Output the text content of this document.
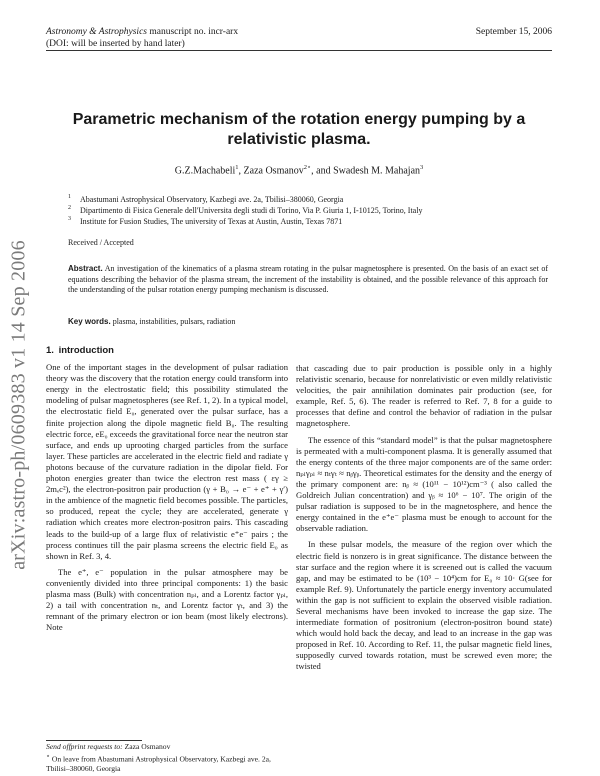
Astronomy & Astrophysics manuscript no. incr-arx
(DOI: will be inserted by hand later)
September 15, 2006
arXiv:astro-ph/0609383 v1 14 Sep 2006
Parametric mechanism of the rotation energy pumping by a
relativistic plasma.
G.Z.Machabeli$^1$, Zaza Osmanov$^{2⋆}$, and Swadesh M. Mahajan$^3$
1 Abastumani Astrophysical Observatory, Kazbegi ave. 2a, Tbilisi–380060, Georgia
2 Dipartimento di Fisica Generale dell'Universita degli studi di Torino, Via P. Giuria 1, I-10125, Torino, Italy
3 Institute for Fusion Studies, The university of Texas at Austin, Austin, Texas 7871
Received / Accepted
Abstract. An investigation of the kinematics of a plasma stream rotating in the pulsar magnetosphere is presented. On the basis of an exact set of equations describing the behavior of the plasma stream, the increment of the instability is obtained, and the possible relevance of this approach for the understanding of the pulsar rotation energy pumping mechanism is discussed.
Key words. plasma, instabilities, pulsars, radiation
1. introduction

One of the important stages in the development of pulsar radiation theory was the discovery that the rotation energy could transform into energy in the electrostatic field; this possibility stimulated the modeling of pulsar magnetospheres (see Ref. 1, 2). In a typical model, the electrostatic field E₀, generated over the pulsar surface, has a finite projection along the dipole magnetic field B₀. The resulting electric force, eE₀ exceeds the gravitational force near the neutron star surface, and ends up uprooting charged particles from the surface layer. These particles are accelerated in the electric field and radiate γ photons because of the curvature radiation in the dipolar field. For photon energies greater than twice the electron rest mass ( εγ ≥ 2mₑc²), the electron-positron pair production (γ + B₀ → e⁻ + e⁺ + γ′) in the ambience of the magnetic field becomes possible. The particles, so produced, repeat the cycle; they are accelerated, generate γ radiation which creates more electron-positron pairs. This cascading leads to the build-up of a large flux of relativistic e⁺e⁻ pairs ; the process continues till the pair plasma screens the electric field E₀ as shown in Ref. 3, 4.

The e⁺, e⁻ population in the pulsar atmosphere may be conveniently divided into three principal components: 1) the basic plasma mass (Bulk) with concentration nₚₗ, and a Lorentz factor γₚₗ, 2) a tail with concentration nₜ, and Lorentz factor γₜ, and 3) the remnant of the primary electron or ion beam (most likely electrons). Note

that cascading due to pair production is possible only in a highly relativistic scenario, because for nonrelativistic or even mildly relativistic velocities, the pair annihilation dominates pair production (see, for example, Ref. 5, 6). The reader is referred to Ref. 7, 8 for a guide to processes that define and control the behavior of radiation in the pulsar magnetosphere.

The essence of this “standard model” is that the pulsar magnetosphere is permeated with a multi-component plasma. It is generally assumed that the energy contents of the three major components are of the same order: nₚₗγₚₗ ≈ nₜγₜ ≈ nᵦγᵦ. Theoretical estimates for the density and the energy of the primary component are: nᵦ ≈ (10¹¹ − 10¹²)cm⁻³ ( also called the Goldreich Julian concentration) and γᵦ ≈ 10⁶ − 10⁷. The origin of the pulsar radiation is supposed to be in the magnetosphere, and hence the energy contained in the e⁺e⁻ plasma must be enough to account for the observable radiation.

In these pulsar models, the measure of the region over which the electric field is nonzero is in great significance. The distance between the star surface and the region where it is screened out is called the vacuum gap, and may be estimated to be (10³ − 10⁴)cm for E₀ ≈ 10· G(see for example Ref. 9). Unfortunately the particle energy inventory accumulated within the gap is not sufficient to explain the observed visible radiation. Several mechanisms have been invoked to increase the gap size. The intermediate formation of positronium (electron-positron bound state) which would hold back the decay, and lead to an increase in the gap was proposed in Ref. 10. According to Ref. 11, the pulsar magnetic field lines, supposedly curved towards rotation, must be screwed even more; the twisted

Send offprint requests to: Zaza Osmanov
⋆ On leave from Abastumani Astrophysical Observatory, Kazbegi ave. 2a, Tbilisi–380060, Georgia
